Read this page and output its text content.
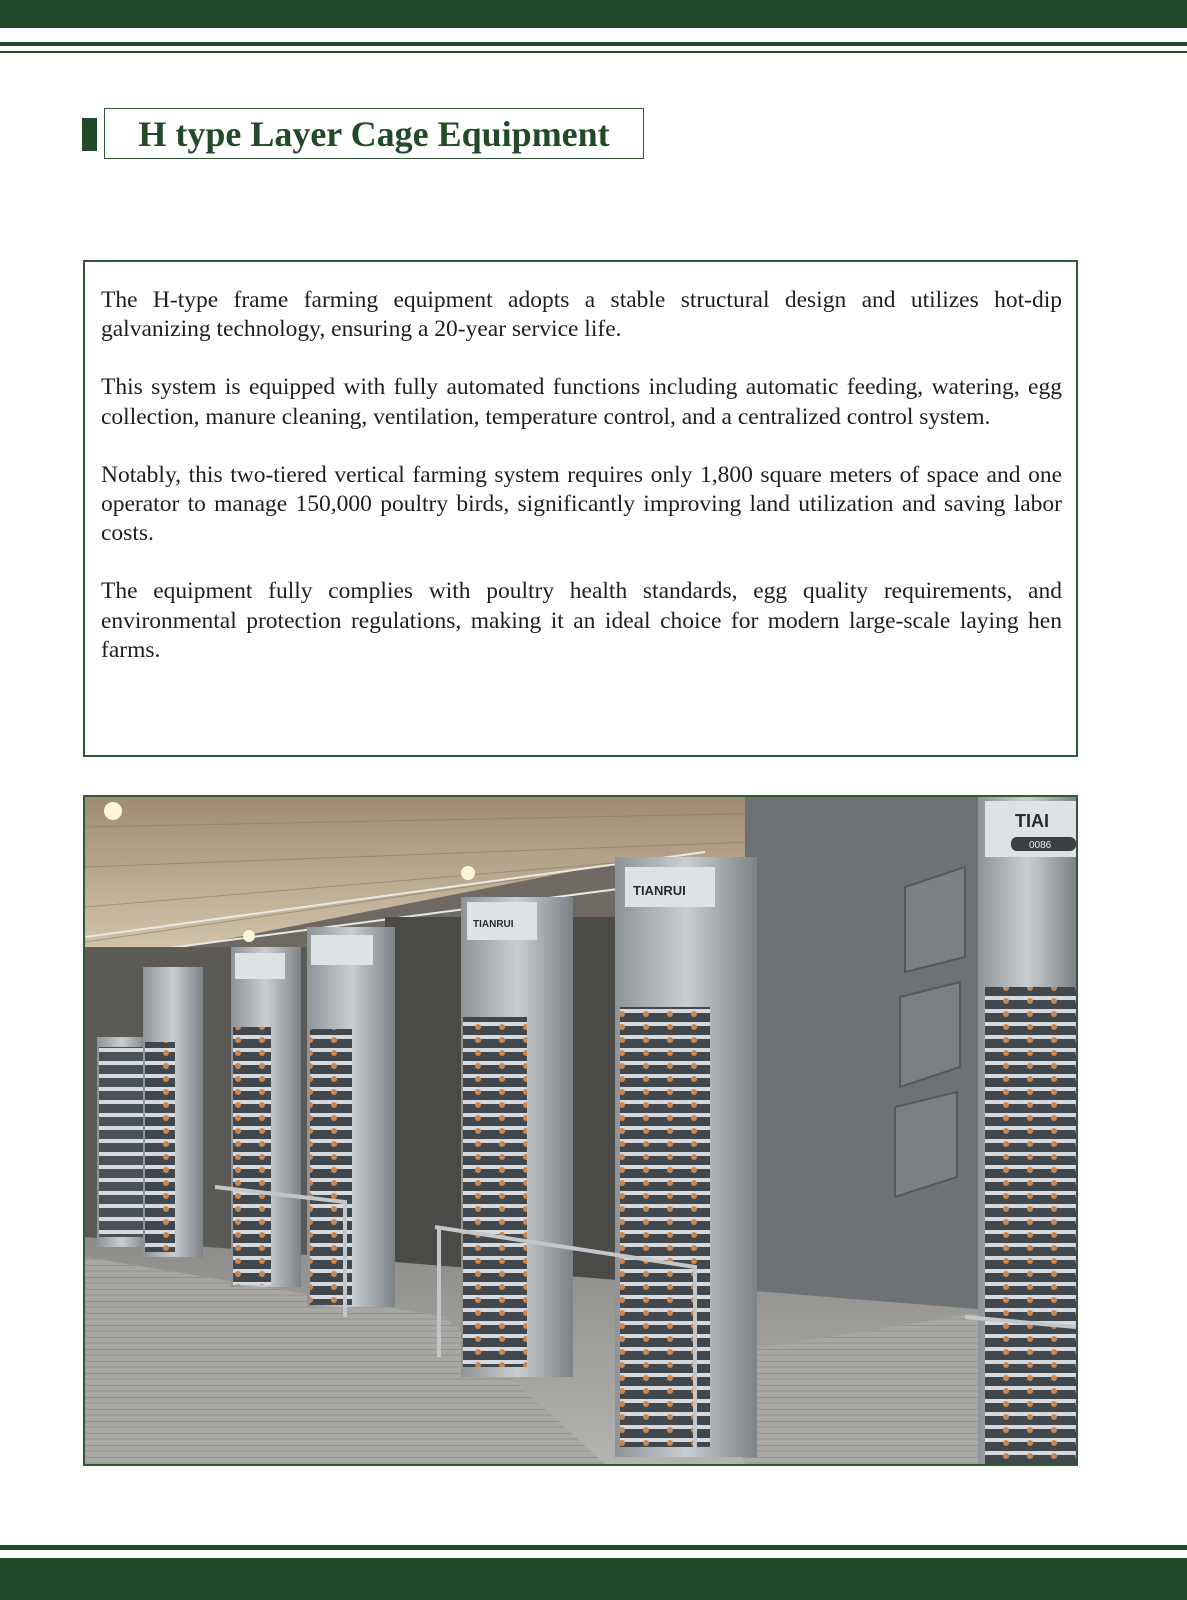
H type Layer Cage Equipment

The H-type frame farming equipment adopts a stable structural design and utilizes hot-dip galvanizing technology, ensuring a 20-year service life.

This system is equipped with fully automated functions including automatic feeding, watering, egg collection, manure cleaning, ventilation, temperature control, and a centralized control system.

Notably, this two-tiered vertical farming system requires only 1,800 square meters of space and one operator to manage 150,000 poultry birds, significantly improving land utilization and saving labor costs.

The equipment fully complies with poultry health standards, egg quality requirements, and environmental protection regulations, making it an ideal choice for modern large-scale laying hen farms.

TIANRUI
TIANRUI
TIAI
0086
